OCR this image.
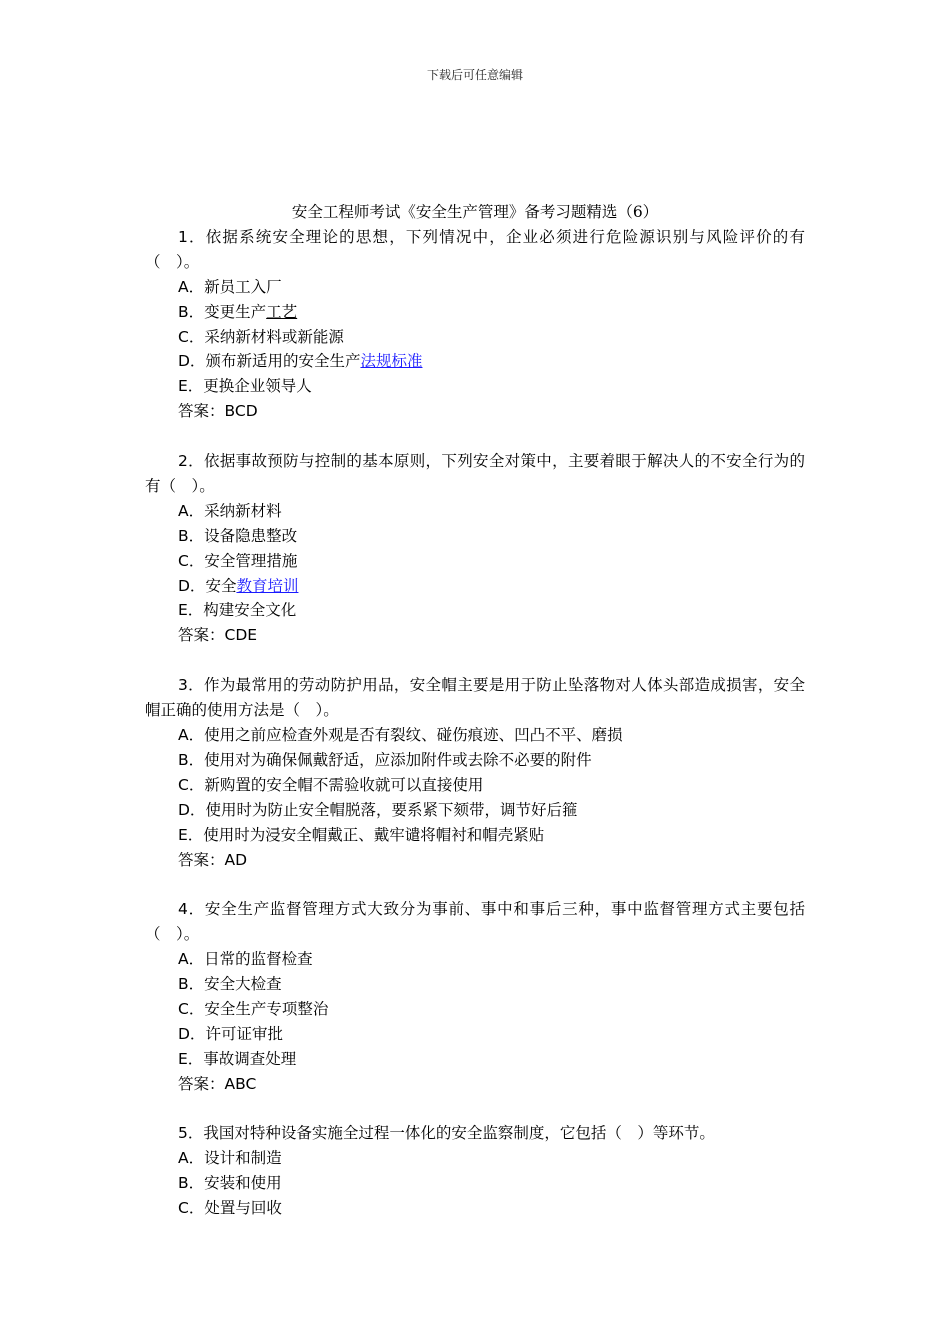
下载后可任意编辑

安全工程师考试《安全生产管理》备考习题精选（6）

1．依据系统安全理论的思想，下列情况中，企业必须进行危险源识别与风险评价的有（　）。

A．新员工入厂

B．变更生产工艺

C．采纳新材料或新能源

D．颁布新适用的安全生产法规标准

E．更换企业领导人

答案：BCD

2．依据事故预防与控制的基本原则，下列安全对策中，主要着眼于解决人的不安全行为的有（　）。

A．采纳新材料

B．设备隐患整改

C．安全管理措施

D．安全教育培训

E．构建安全文化

答案：CDE

3．作为最常用的劳动防护用品，安全帽主要是用于防止坠落物对人体头部造成损害，安全帽正确的使用方法是（　）。

A．使用之前应检查外观是否有裂纹、碰伤痕迹、凹凸不平、磨损

B．使用对为确保佩戴舒适，应添加附件或去除不必要的附件

C．新购置的安全帽不需验收就可以直接使用

D．使用时为防止安全帽脱落，要系紧下颏带，调节好后箍

E．使用时为浸安全帽戴正、戴牢谴将帽衬和帽壳紧贴

答案：AD

4．安全生产监督管理方式大致分为事前、事中和事后三种，事中监督管理方式主要包括（　）。

A．日常的监督检查

B．安全大检查

C．安全生产专项整治

D．许可证审批

E．事故调查处理

答案：ABC

5．我国对特种设备实施全过程一体化的安全监察制度，它包括（　）等环节。

A．设计和制造

B．安装和使用

C．处置与回收
